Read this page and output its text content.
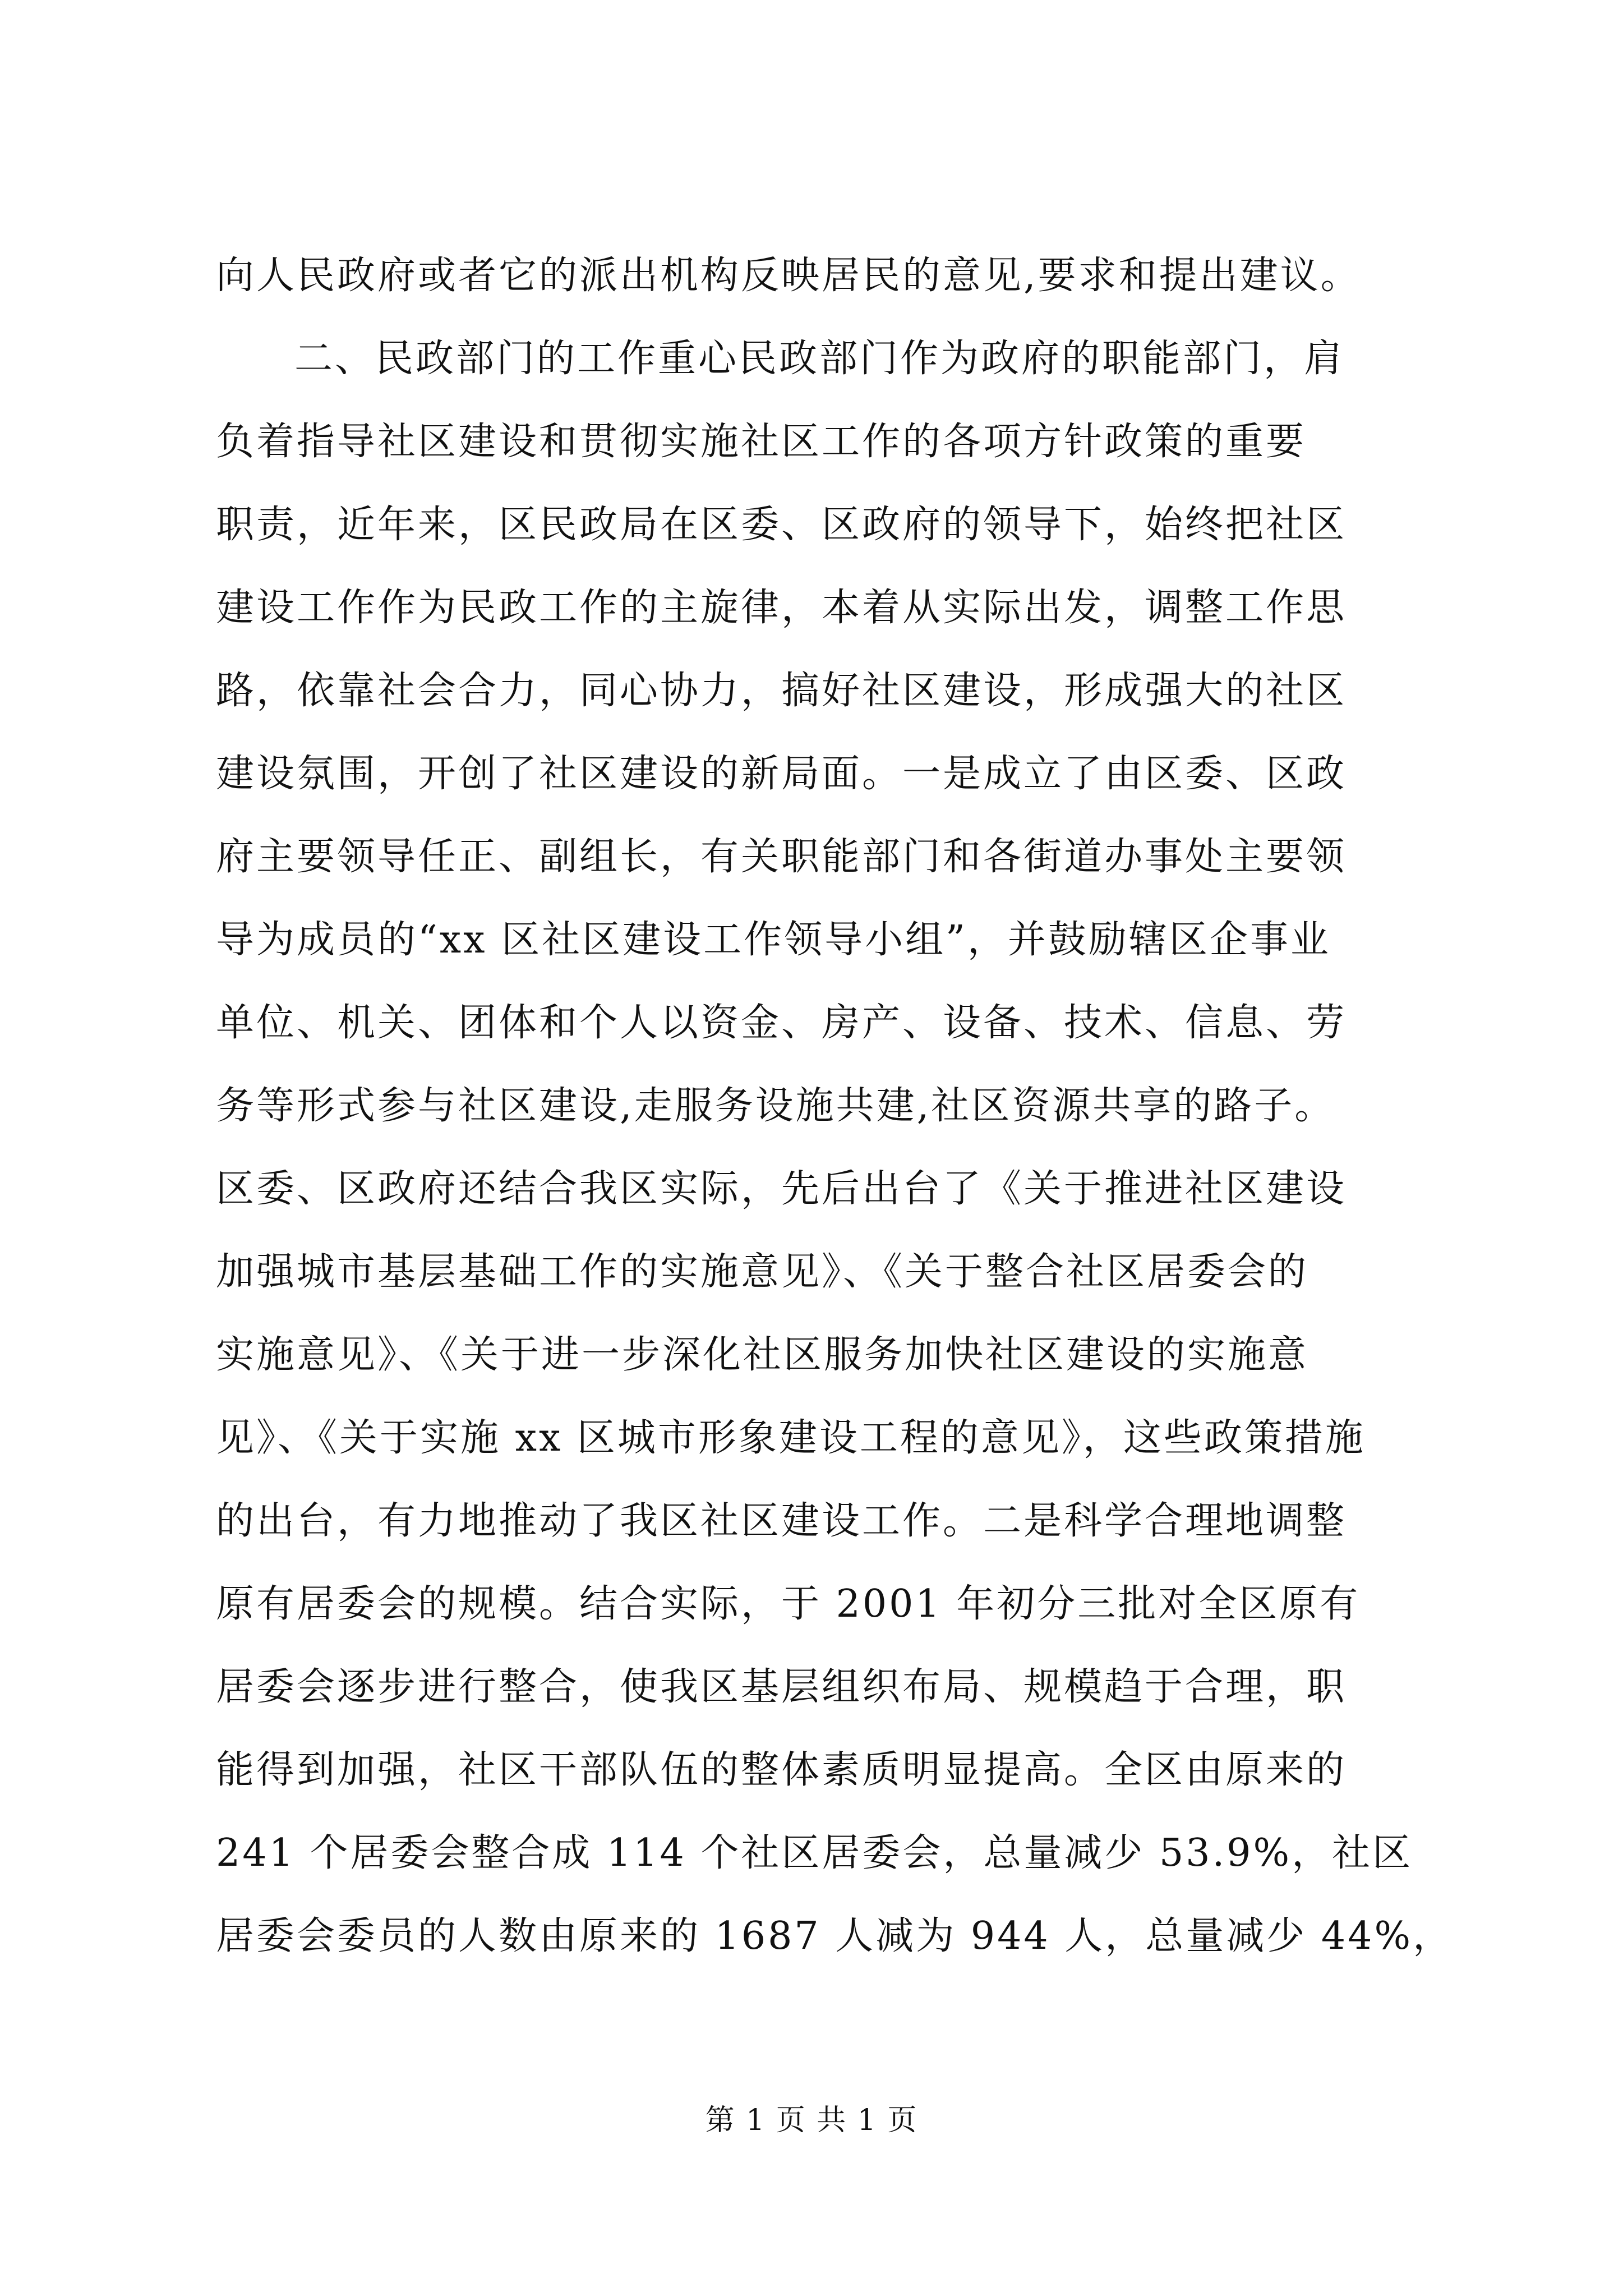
向人民政府或者它的派出机构反映居民的意见,要求和提出建议。
二、民政部门的工作重心民政部门作为政府的职能部门，肩
负着指导社区建设和贯彻实施社区工作的各项方针政策的重要
职责，近年来，区民政局在区委、区政府的领导下，始终把社区
建设工作作为民政工作的主旋律，本着从实际出发，调整工作思
路，依靠社会合力，同心协力，搞好社区建设，形成强大的社区
建设氛围，开创了社区建设的新局面。一是成立了由区委、区政
府主要领导任正、副组长，有关职能部门和各街道办事处主要领
导为成员的“xx 区社区建设工作领导小组”，并鼓励辖区企事业
单位、机关、团体和个人以资金、房产、设备、技术、信息、劳
务等形式参与社区建设,走服务设施共建,社区资源共享的路子。
区委、区政府还结合我区实际，先后出台了《关于推进社区建设
加强城市基层基础工作的实施意见》、《关于整合社区居委会的
实施意见》、《关于进一步深化社区服务加快社区建设的实施意
见》、《关于实施 xx 区城市形象建设工程的意见》，这些政策措施
的出台，有力地推动了我区社区建设工作。二是科学合理地调整
原有居委会的规模。结合实际，于 2001 年初分三批对全区原有
居委会逐步进行整合，使我区基层组织布局、规模趋于合理，职
能得到加强，社区干部队伍的整体素质明显提高。全区由原来的
241 个居委会整合成 114 个社区居委会，总量减少 53.9%，社区
居委会委员的人数由原来的 1687 人减为 944 人，总量减少 44%，
第 1 页 共 1 页
